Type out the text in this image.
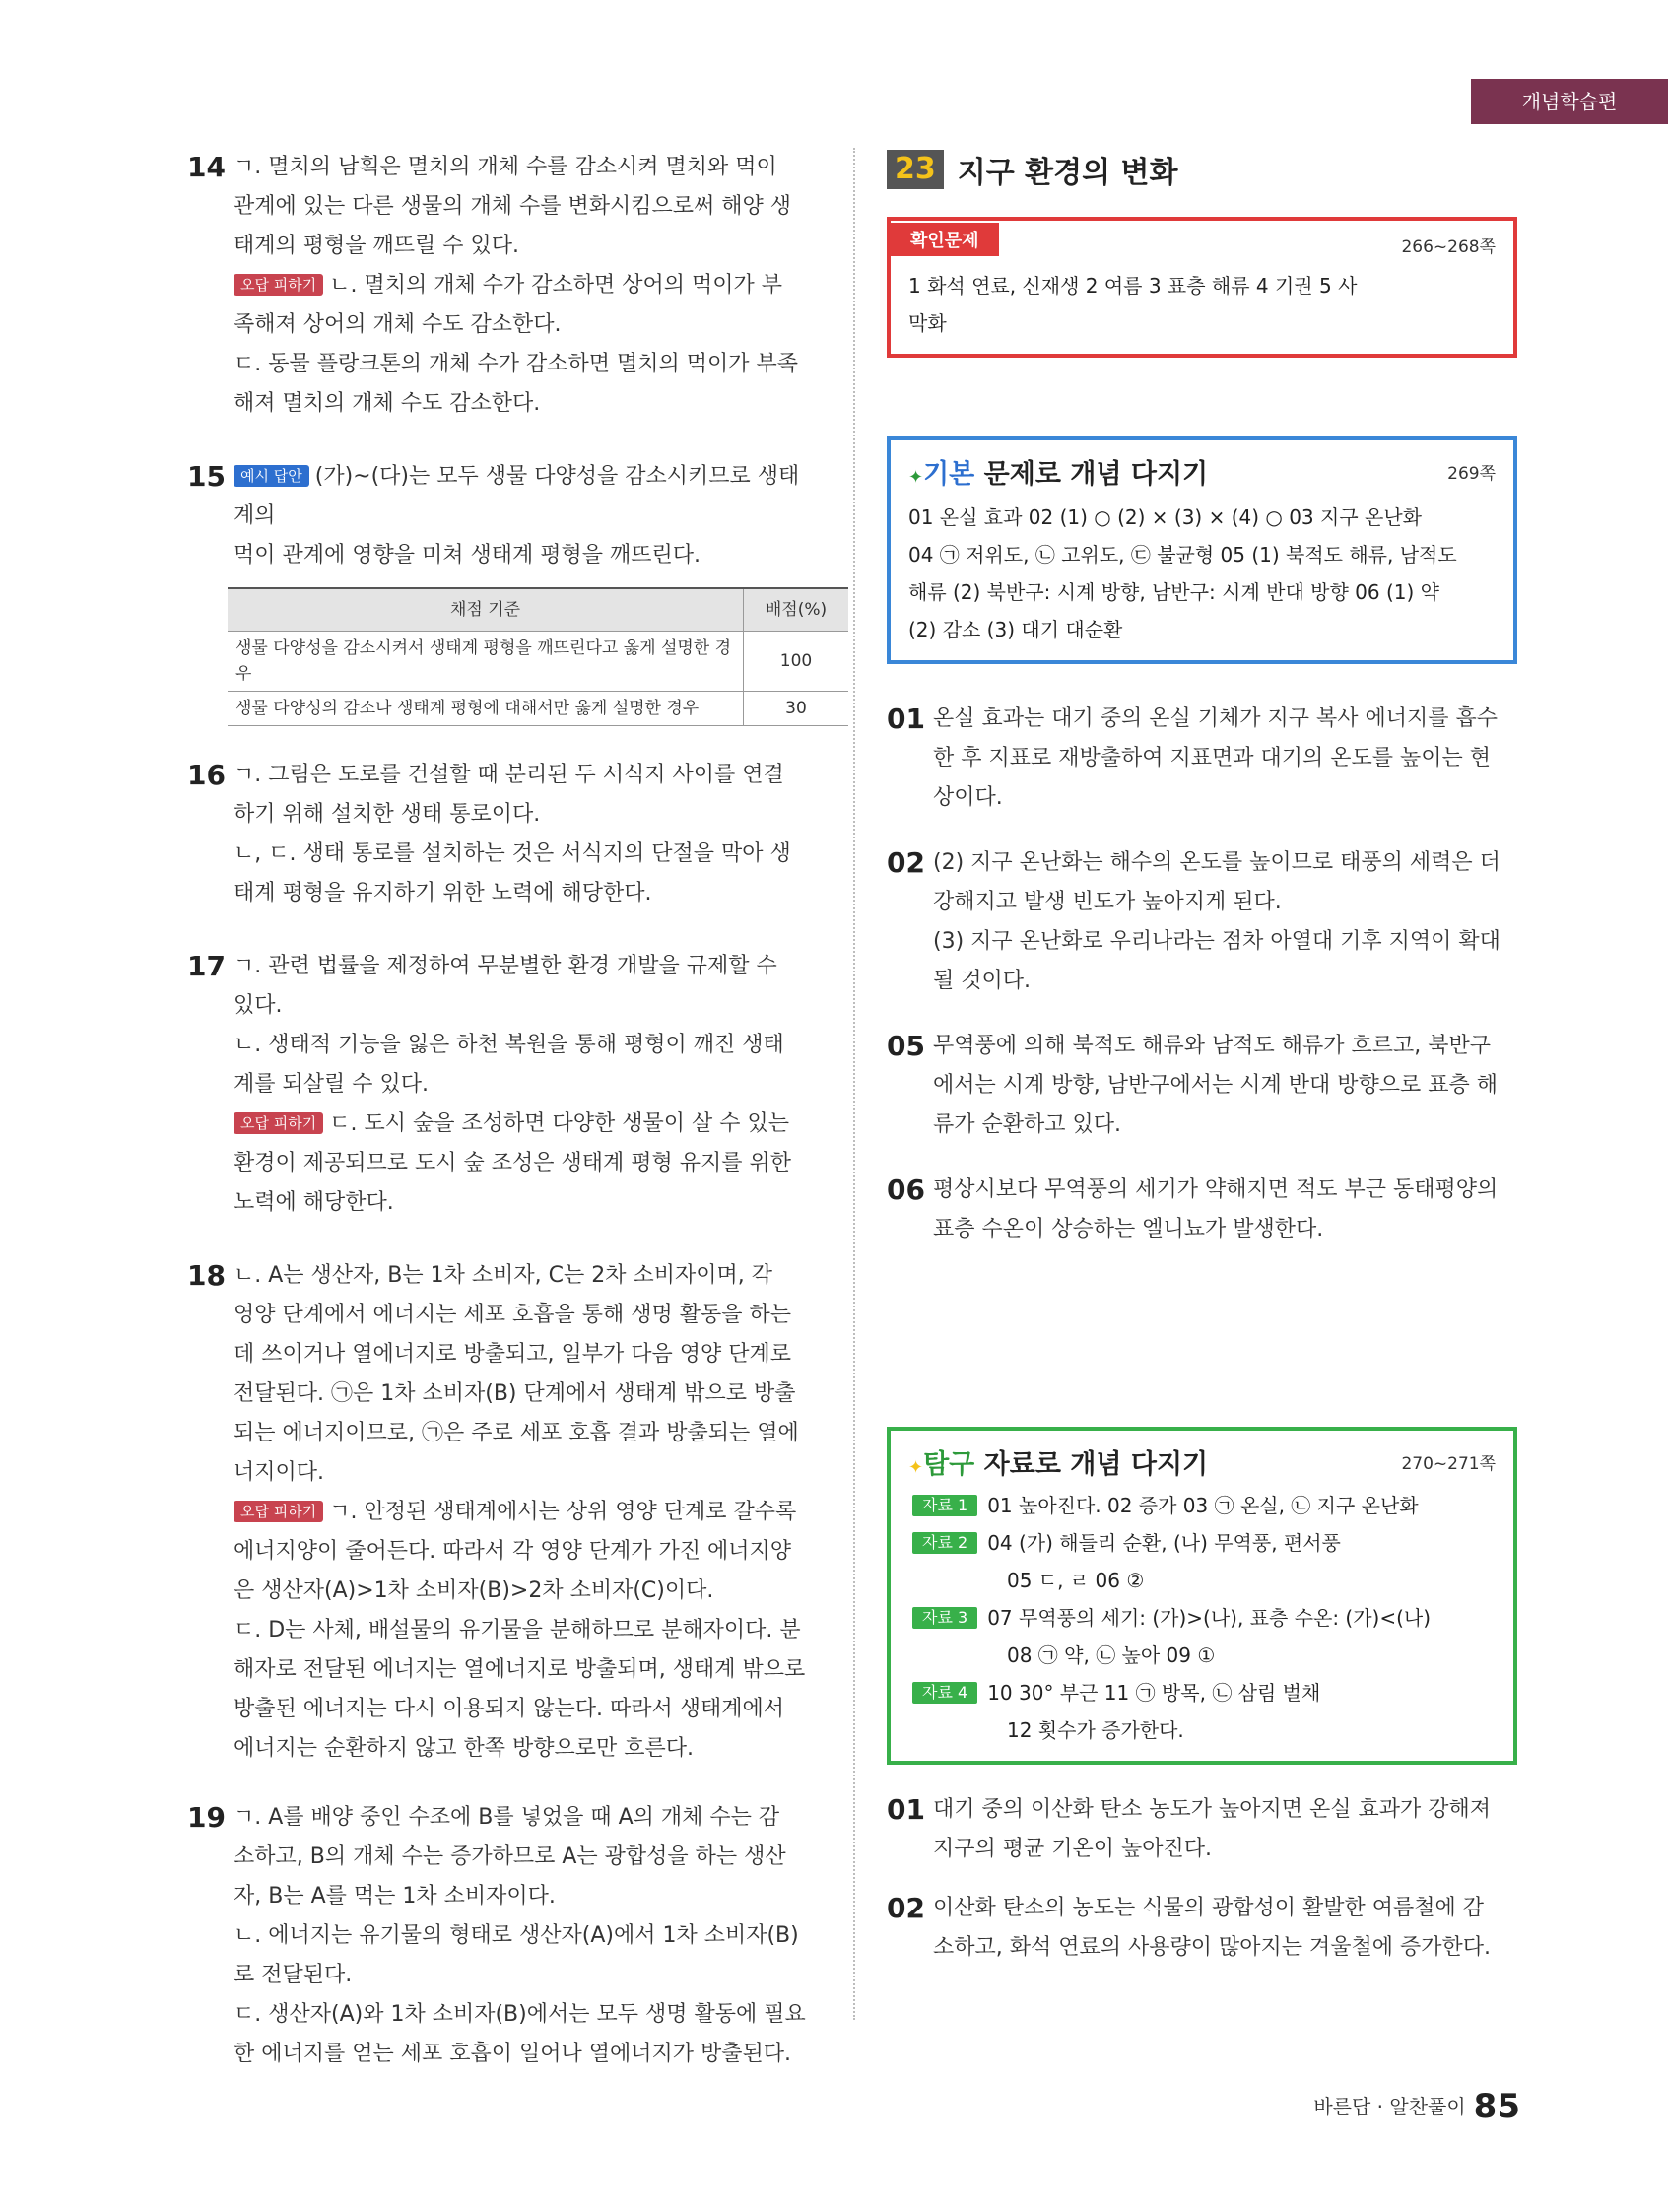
개념학습편
14 ㄱ. 멸치의 남획은 멸치의 개체 수를 감소시켜 멸치와 먹이
관계에 있는 다른 생물의 개체 수를 변화시킴으로써 해양 생
태계의 평형을 깨뜨릴 수 있다.
오답 피하기 ㄴ. 멸치의 개체 수가 감소하면 상어의 먹이가 부
족해져 상어의 개체 수도 감소한다.
ㄷ. 동물 플랑크톤의 개체 수가 감소하면 멸치의 먹이가 부족
해져 멸치의 개체 수도 감소한다.
15	예시 답안 (가)~(다)는 모두 생물 다양성을 감소시키므로 생태계의
먹이 관계에 영향을 미쳐 생태계 평형을 깨뜨린다.
채점 기준	배점(%)
생물 다양성을 감소시켜서 생태계 평형을 깨뜨린다고 옳게 설명한 경우	100
생물 다양성의 감소나 생태계 평형에 대해서만 옳게 설명한 경우	30
16 ㄱ. 그림은 도로를 건설할 때 분리된 두 서식지 사이를 연결
하기 위해 설치한 생태 통로이다.
ㄴ, ㄷ. 생태 통로를 설치하는 것은 서식지의 단절을 막아 생
태계 평형을 유지하기 위한 노력에 해당한다.
17 ㄱ. 관련 법률을 제정하여 무분별한 환경 개발을 규제할 수
있다.
ㄴ. 생태적 기능을 잃은 하천 복원을 통해 평형이 깨진 생태
계를 되살릴 수 있다.
오답 피하기 ㄷ. 도시 숲을 조성하면 다양한 생물이 살 수 있는
환경이 제공되므로 도시 숲 조성은 생태계 평형 유지를 위한
노력에 해당한다.
18 ㄴ. A는 생산자, B는 1차 소비자, C는 2차 소비자이며, 각
영양 단계에서 에너지는 세포 호흡을 통해 생명 활동을 하는
데 쓰이거나 열에너지로 방출되고, 일부가 다음 영양 단계로
전달된다. ㉠은 1차 소비자(B) 단계에서 생태계 밖으로 방출
되는 에너지이므로, ㉠은 주로 세포 호흡 결과 방출되는 열에
너지이다.
오답 피하기 ㄱ. 안정된 생태계에서는 상위 영양 단계로 갈수록
에너지양이 줄어든다. 따라서 각 영양 단계가 가진 에너지양
은 생산자(A)>1차 소비자(B)>2차 소비자(C)이다.
ㄷ. D는 사체, 배설물의 유기물을 분해하므로 분해자이다. 분
해자로 전달된 에너지는 열에너지로 방출되며, 생태계 밖으로
방출된 에너지는 다시 이용되지 않는다. 따라서 생태계에서
에너지는 순환하지 않고 한쪽 방향으로만 흐른다.
19 ㄱ. A를 배양 중인 수조에 B를 넣었을 때 A의 개체 수는 감
소하고, B의 개체 수는 증가하므로 A는 광합성을 하는 생산
자, B는 A를 먹는 1차 소비자이다.
ㄴ. 에너지는 유기물의 형태로 생산자(A)에서 1차 소비자(B)
로 전달된다.
ㄷ. 생산자(A)와 1차 소비자(B)에서는 모두 생명 활동에 필요
한 에너지를 얻는 세포 호흡이 일어나 열에너지가 방출된다.
23 지구 환경의 변화
확인문제	266~268쪽
1 화석 연료, 신재생 2 여름 3 표층 해류 4 기권 5 사
막화
✦기본 문제로 개념 다지기	269쪽
01 온실 효과 02 (1) ○ (2) × (3) × (4) ○ 03 지구 온난화
04 ㉠ 저위도, ㉡ 고위도, ㉢ 불균형 05 (1) 북적도 해류, 남적도
해류 (2) 북반구: 시계 방향, 남반구: 시계 반대 방향 06 (1) 약
(2) 감소 (3) 대기 대순환
01 온실 효과는 대기 중의 온실 기체가 지구 복사 에너지를 흡수
한 후 지표로 재방출하여 지표면과 대기의 온도를 높이는 현
상이다.
02 (2) 지구 온난화는 해수의 온도를 높이므로 태풍의 세력은 더
강해지고 발생 빈도가 높아지게 된다.
(3) 지구 온난화로 우리나라는 점차 아열대 기후 지역이 확대
될 것이다.
05 무역풍에 의해 북적도 해류와 남적도 해류가 흐르고, 북반구
에서는 시계 방향, 남반구에서는 시계 반대 방향으로 표층 해
류가 순환하고 있다.
06 평상시보다 무역풍의 세기가 약해지면 적도 부근 동태평양의
표층 수온이 상승하는 엘니뇨가 발생한다.
✦탐구 자료로 개념 다지기	270~271쪽
자료 1 01 높아진다. 02 증가 03 ㉠ 온실, ㉡ 지구 온난화
자료 2 04 (가) 해들리 순환, (나) 무역풍, 편서풍
05 ㄷ, ㄹ 06 ②
자료 3 07 무역풍의 세기: (가)>(나), 표층 수온: (가)<(나)
08 ㉠ 약, ㉡ 높아 09 ①
자료 4 10 30° 부근 11 ㉠ 방목, ㉡ 삼림 벌채
12 횟수가 증가한다.
01 대기 중의 이산화 탄소 농도가 높아지면 온실 효과가 강해져
지구의 평균 기온이 높아진다.
02 이산화 탄소의 농도는 식물의 광합성이 활발한 여름철에 감
소하고, 화석 연료의 사용량이 많아지는 겨울철에 증가한다.
바른답 · 알찬풀이 85
